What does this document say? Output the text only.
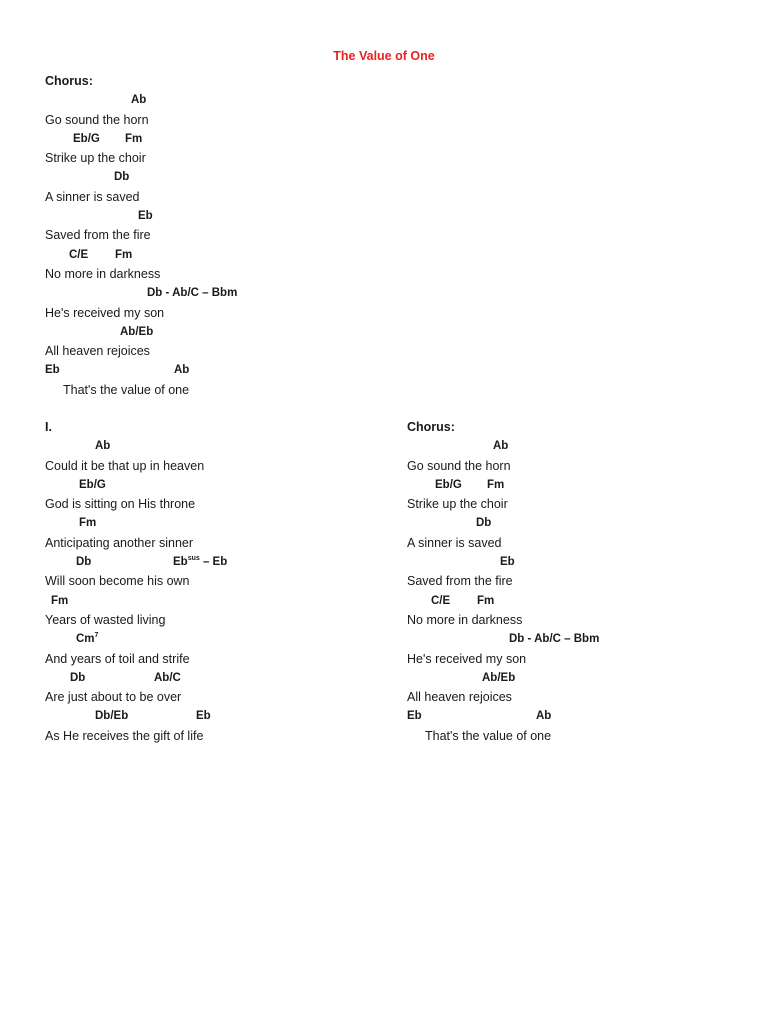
The Value of One
Chorus:
Ab
Go sound the horn
Eb/G Fm
Strike up the choir
Db
A sinner is saved
Eb
Saved from the fire
C/E Fm
No more in darkness
Db - Ab/C – Bbm
He's received my son
Ab/Eb
All heaven rejoices
Eb	Ab
That's the value of one
I.
Ab
Could it be that up in heaven
Eb/G
God is sitting on His throne
Fm
Anticipating another sinner
Db	$Eb^{sus}$ – Eb
Will soon become his own
Fm
Years of wasted living
Cm$^7$
And years of toil and strife
Db	Ab/C
Are just about to be over
Db/Eb	Eb
As He receives the gift of life
Chorus:
Ab
Go sound the horn
Eb/G Fm
Strike up the choir
Db
A sinner is saved
Eb
Saved from the fire
C/E Fm
No more in darkness
Db - Ab/C – Bbm
He's received my son
Ab/Eb
All heaven rejoices
Eb	Ab
That's the value of one
